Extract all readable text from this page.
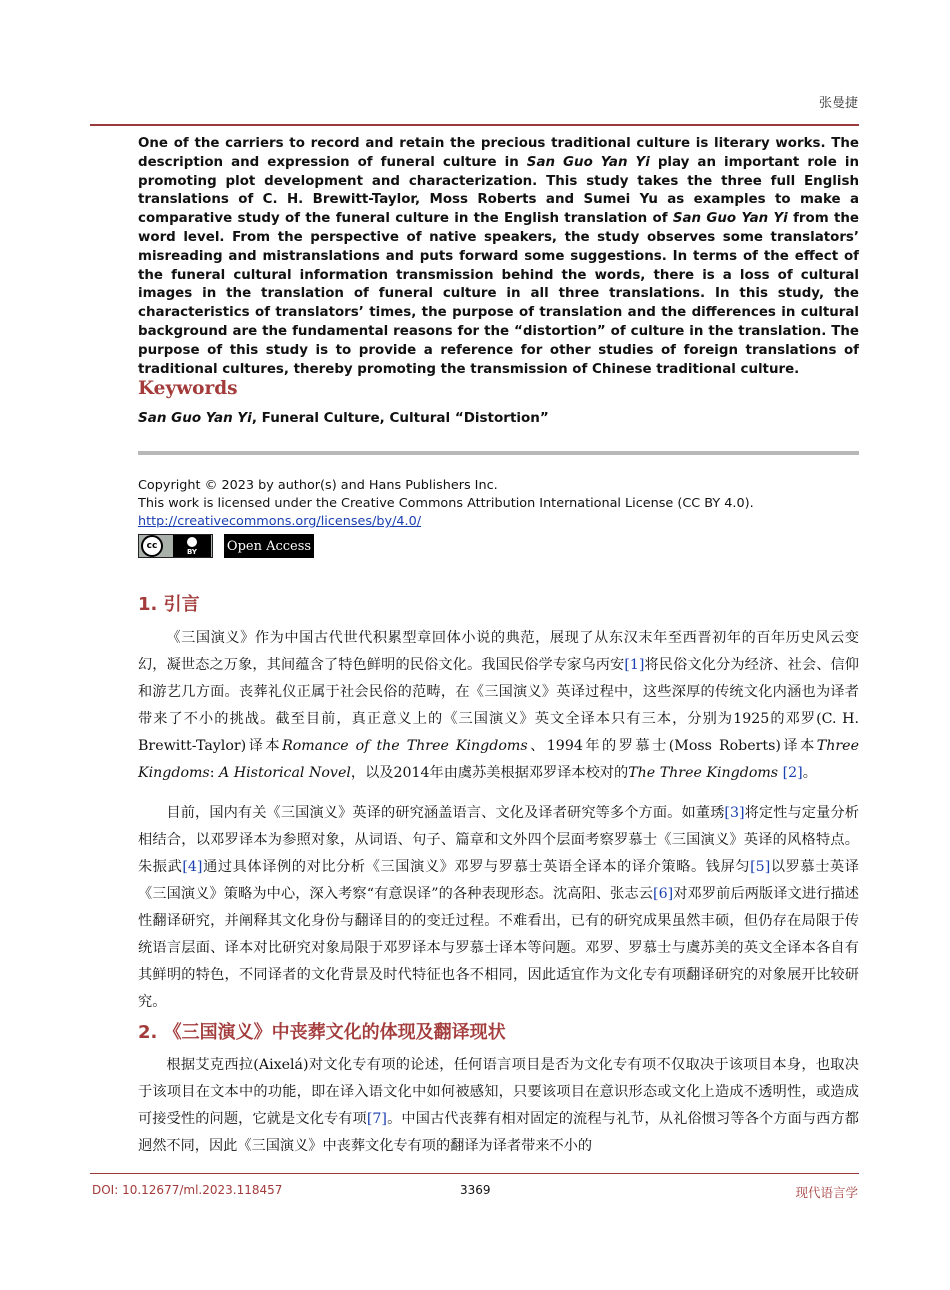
张曼捷
One of the carriers to record and retain the precious traditional culture is literary works. The description and expression of funeral culture in San Guo Yan Yi play an important role in promoting plot development and characterization. This study takes the three full English translations of C. H. Brewitt-Taylor, Moss Roberts and Sumei Yu as examples to make a comparative study of the funeral culture in the English translation of San Guo Yan Yi from the word level. From the perspective of native speakers, the study observes some translators’ misreading and mistranslations and puts forward some suggestions. In terms of the effect of the funeral cultural information transmission behind the words, there is a loss of cultural images in the translation of funeral culture in all three translations. In this study, the characteristics of translators’ times, the purpose of translation and the differences in cultural background are the fundamental reasons for the “distortion” of culture in the translation. The purpose of this study is to provide a reference for other studies of foreign translations of traditional cultures, thereby promoting the transmission of Chinese traditional culture.
Keywords
San Guo Yan Yi, Funeral Culture, Cultural “Distortion”
Copyright © 2023 by author(s) and Hans Publishers Inc.
This work is licensed under the Creative Commons Attribution International License (CC BY 4.0).
http://creativecommons.org/licenses/by/4.0/
cc
BY Open Access
1. 引言
《三国演义》作为中国古代世代积累型章回体小说的典范，展现了从东汉末年至西晋初年的百年历史风云变幻，凝世态之万象，其间蕴含了特色鲜明的民俗文化。我国民俗学专家乌丙安[1]将民俗文化分为经济、社会、信仰和游艺几方面。丧葬礼仪正属于社会民俗的范畴，在《三国演义》英译过程中，这些深厚的传统文化内涵也为译者带来了不小的挑战。截至目前，真正意义上的《三国演义》英文全译本只有三本，分别为1925的邓罗(C. H. Brewitt-Taylor)译本Romance of the Three Kingdoms、1994年的罗慕士(Moss Roberts)译本Three Kingdoms: A Historical Novel，以及2014年由虞苏美根据邓罗译本校对的The Three Kingdoms [2]。
目前，国内有关《三国演义》英译的研究涵盖语言、文化及译者研究等多个方面。如董琇[3]将定性与定量分析相结合，以邓罗译本为参照对象，从词语、句子、篇章和文外四个层面考察罗慕士《三国演义》英译的风格特点。朱振武[4]通过具体译例的对比分析《三国演义》邓罗与罗慕士英语全译本的译介策略。钱屏匀[5]以罗慕士英译《三国演义》策略为中心，深入考察“有意误译”的各种表现形态。沈高阳、张志云[6]对邓罗前后两版译文进行描述性翻译研究，并阐释其文化身份与翻译目的的变迁过程。不难看出，已有的研究成果虽然丰硕，但仍存在局限于传统语言层面、译本对比研究对象局限于邓罗译本与罗慕士译本等问题。邓罗、罗慕士与虞苏美的英文全译本各自有其鲜明的特色，不同译者的文化背景及时代特征也各不相同，因此适宜作为文化专有项翻译研究的对象展开比较研究。
2. 《三国演义》中丧葬文化的体现及翻译现状
根据艾克西拉(Aixelá)对文化专有项的论述，任何语言项目是否为文化专有项不仅取决于该项目本身，也取决于该项目在文本中的功能，即在译入语文化中如何被感知，只要该项目在意识形态或文化上造成不透明性，或造成可接受性的问题，它就是文化专有项[7]。中国古代丧葬有相对固定的流程与礼节，从礼俗惯习等各个方面与西方都迥然不同，因此《三国演义》中丧葬文化专有项的翻译为译者带来不小的
DOI: 10.12677/ml.2023.118457	3369	现代语言学
